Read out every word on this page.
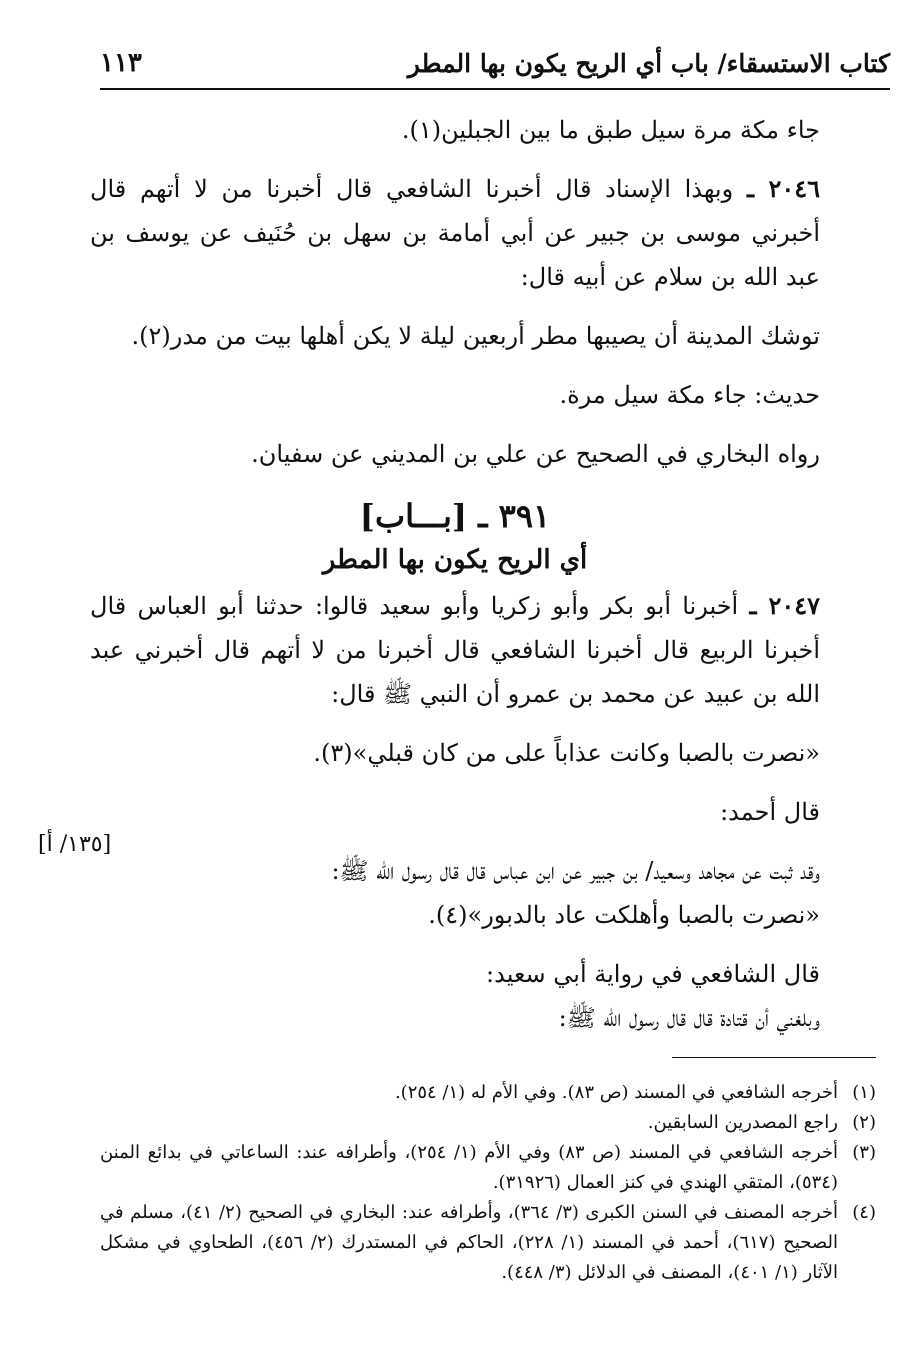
١١٣	كتاب الاستسقاء/ باب أي الريح يكون بها المطر

جاء مكة مرة سيل طبق ما بين الجبلين(١).

٢٠٤٦ ـ وبهذا الإسناد قال أخبرنا الشافعي قال أخبرنا من لا أتهم قال أخبرني موسى بن جبير عن أبي أمامة بن سهل بن حُنَيف عن يوسف بن عبد الله بن سلام عن أبيه قال:

توشك المدينة أن يصيبها مطر أربعين ليلة لا يكن أهلها بيت من مدر(٢).

حديث: جاء مكة سيل مرة.

رواه البخاري في الصحيح عن علي بن المديني عن سفيان.

٣٩١ ـ [بـــاب]
أي الريح يكون بها المطر

٢٠٤٧ ـ أخبرنا أبو بكر وأبو زكريا وأبو سعيد قالوا: حدثنا أبو العباس قال أخبرنا الربيع قال أخبرنا الشافعي قال أخبرنا من لا أتهم قال أخبرني عبد الله بن عبيد عن محمد بن عمرو أن النبي ﷺ قال:

«نصرت بالصبا وكانت عذاباً على من كان قبلي»(٣).

قال أحمد:

وقد ثبت عن مجاهد وسعيد/ بن جبير عن ابن عباس قال قال رسول الله ﷺ:

«نصرت بالصبا وأهلكت عاد بالدبور»(٤).

قال الشافعي في رواية أبي سعيد:

وبلغني أن قتادة قال قال رسول الله ﷺ:

[١٣٥/ أ]
(١)
أخرجه الشافعي في المسند (ص ٨٣). وفي الأم له (١/ ٢٥٤).
(٢)
راجع المصدرين السابقين.
(٣)
أخرجه الشافعي في المسند (ص ٨٣) وفي الأم (١/ ٢٥٤)، وأطرافه عند: الساعاتي في بدائع المنن (٥٣٤)، المتقي الهندي في كنز العمال (٣١٩٢٦).
(٤)
أخرجه المصنف في السنن الكبرى (٣/ ٣٦٤)، وأطرافه عند: البخاري في الصحيح (٢/ ٤١)، مسلم في الصحيح (٦١٧)، أحمد في المسند (١/ ٢٢٨)، الحاكم في المستدرك (٢/ ٤٥٦)، الطحاوي في مشكل الآثار (١/ ٤٠١)، المصنف في الدلائل (٣/ ٤٤٨).
